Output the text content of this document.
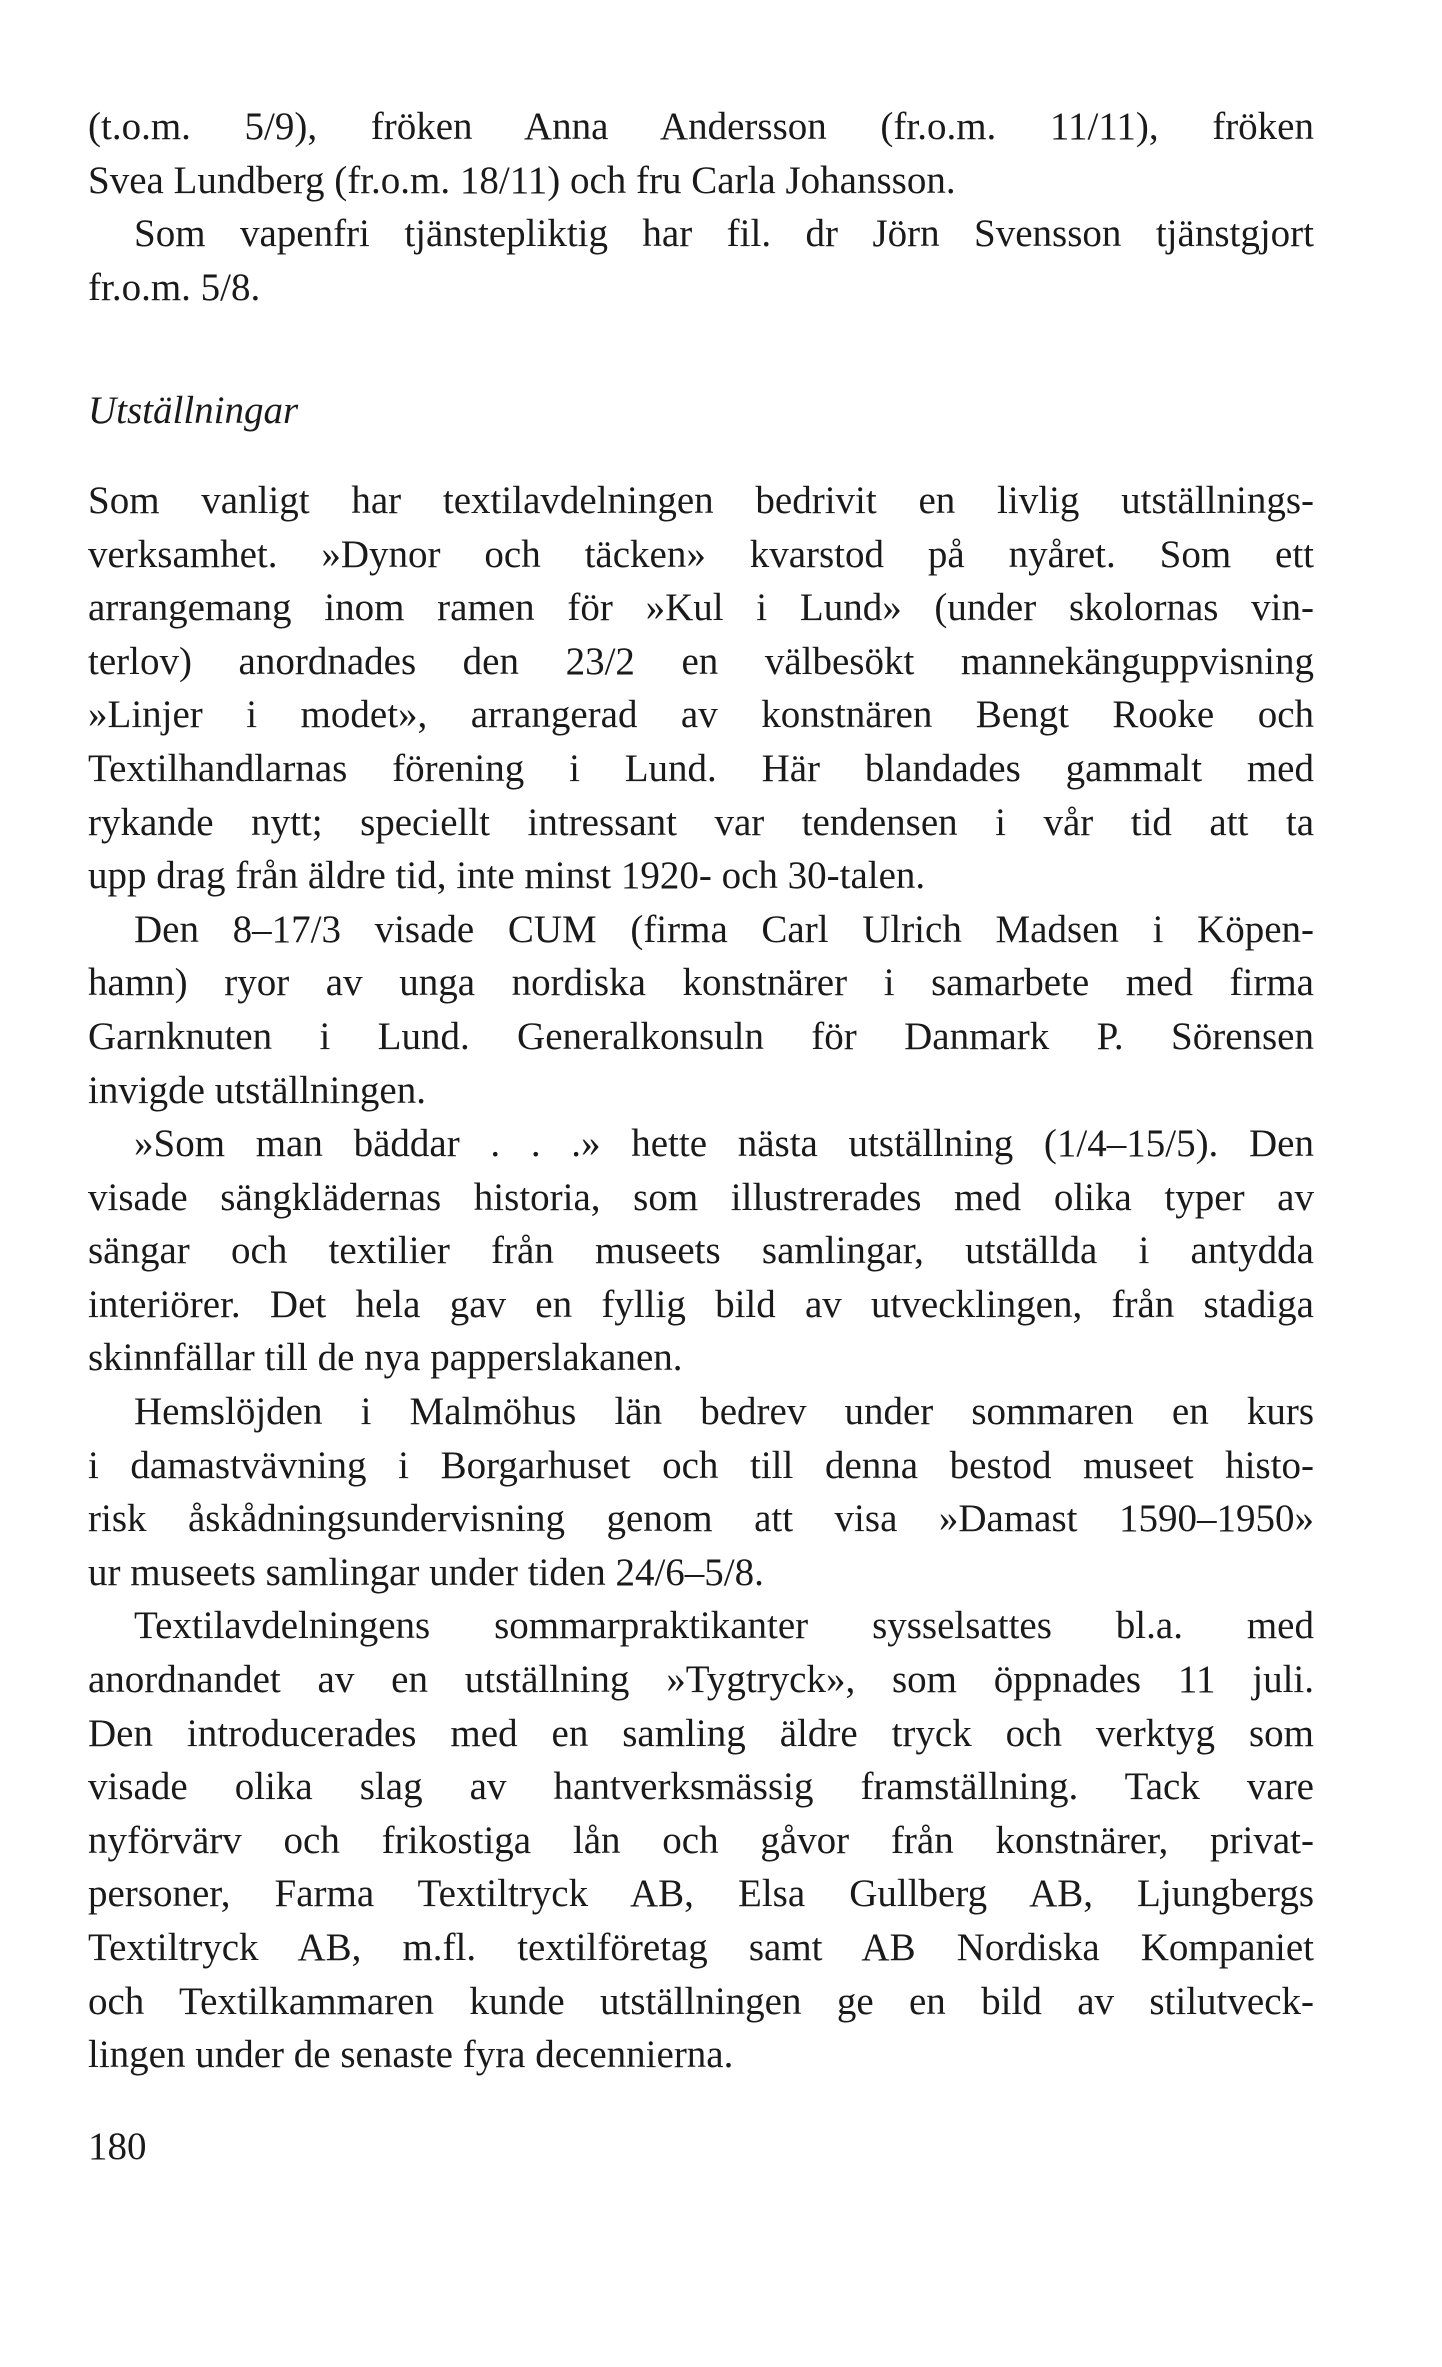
(t.o.m. 5/9), fröken Anna Andersson (fr.o.m. 11/11), fröken
Svea Lundberg (fr.o.m. 18/11) och fru Carla Johansson.
Som vapenfri tjänstepliktig har fil. dr Jörn Svensson tjänstgjort
fr.o.m. 5/8.
Utställningar
Som vanligt har textilavdelningen bedrivit en livlig utställnings-
verksamhet. »Dynor och täcken» kvarstod på nyåret. Som ett
arrangemang inom ramen för »Kul i Lund» (under skolornas vin-
terlov) anordnades den 23/2 en välbesökt mannekänguppvisning
»Linjer i modet», arrangerad av konstnären Bengt Rooke och
Textilhandlarnas förening i Lund. Här blandades gammalt med
rykande nytt; speciellt intressant var tendensen i vår tid att ta
upp drag från äldre tid, inte minst 1920- och 30-talen.
Den 8–17/3 visade CUM (firma Carl Ulrich Madsen i Köpen-
hamn) ryor av unga nordiska konstnärer i samarbete med firma
Garnknuten i Lund. Generalkonsuln för Danmark P. Sörensen
invigde utställningen.
»Som man bäddar . . .» hette nästa utställning (1/4–15/5). Den
visade sängklädernas historia, som illustrerades med olika typer av
sängar och textilier från museets samlingar, utställda i antydda
interiörer. Det hela gav en fyllig bild av utvecklingen, från stadiga
skinnfällar till de nya papperslakanen.
Hemslöjden i Malmöhus län bedrev under sommaren en kurs
i damastvävning i Borgarhuset och till denna bestod museet histo-
risk åskådningsundervisning genom att visa »Damast 1590–1950»
ur museets samlingar under tiden 24/6–5/8.
Textilavdelningens sommarpraktikanter sysselsattes bl.a. med
anordnandet av en utställning »Tygtryck», som öppnades 11 juli.
Den introducerades med en samling äldre tryck och verktyg som
visade olika slag av hantverksmässig framställning. Tack vare
nyförvärv och frikostiga lån och gåvor från konstnärer, privat-
personer, Farma Textiltryck AB, Elsa Gullberg AB, Ljungbergs
Textiltryck AB, m.fl. textilföretag samt AB Nordiska Kompaniet
och Textilkammaren kunde utställningen ge en bild av stilutveck-
lingen under de senaste fyra decennierna.
180
